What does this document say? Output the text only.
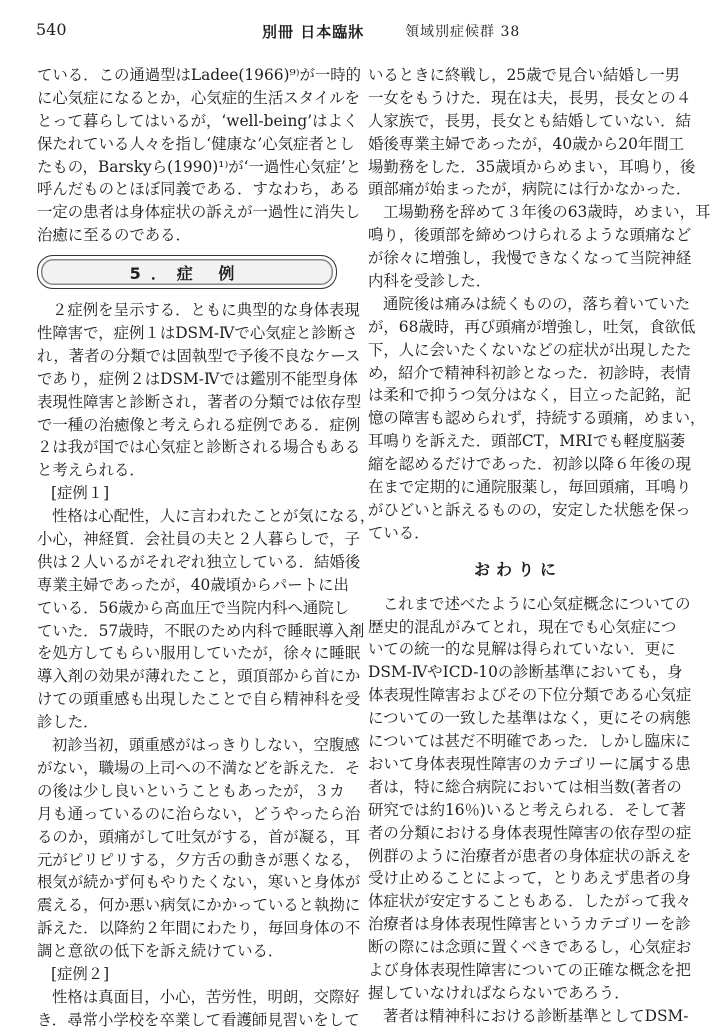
540	別冊 日本臨牀	領域別症候群 38
ている．この通過型はLadee(1966)⁹⁾が一時的
に心気症になるとか，心気症的生活スタイルを
とって暮らしてはいるが，‘well-being’はよく
保たれている人々を指し‘健康な’心気症者とし
たもの，Barskyら(1990)¹⁾が‘一過性心気症’と
呼んだものとほぼ同義である．すなわち，ある
一定の患者は身体症状の訴えが一過性に消失し
治癒に至るのである．
5．症 例
２症例を呈示する．ともに典型的な身体表現
性障害で，症例１はDSM-Ⅳで心気症と診断さ
れ，著者の分類では固執型で予後不良なケース
であり，症例２はDSM-Ⅳでは鑑別不能型身体
表現性障害と診断され，著者の分類では依存型
で一種の治癒像と考えられる症例である．症例
２は我が国では心気症と診断される場合もある
と考えられる．
[症例１]
性格は心配性，人に言われたことが気になる，
小心，神経質．会社員の夫と２人暮らしで，子
供は２人いるがそれぞれ独立している．結婚後
専業主婦であったが，40歳頃からパートに出
ている．56歳から高血圧で当院内科へ通院し
ていた．57歳時，不眠のため内科で睡眠導入剤
を処方してもらい服用していたが，徐々に睡眠
導入剤の効果が薄れたこと，頭頂部から首にか
けての頭重感も出現したことで自ら精神科を受
診した．
初診当初，頭重感がはっきりしない，空腹感
がない，職場の上司への不満などを訴えた．そ
の後は少し良いということもあったが，３カ
月も通っているのに治らない，どうやったら治
るのか，頭痛がして吐気がする，首が凝る，耳
元がピリピリする，夕方舌の動きが悪くなる，
根気が続かず何もやりたくない，寒いと身体が
震える，何か悪い病気にかかっていると執拗に
訴えた．以降約２年間にわたり，毎回身体の不
調と意欲の低下を訴え続けている．
[症例２]
性格は真面目，小心，苦労性，明朗，交際好
き．尋常小学校を卒業して看護師見習いをして
いるときに終戦し，25歳で見合い結婚し一男
一女をもうけた．現在は夫，長男，長女との４
人家族で，長男，長女とも結婚していない．結
婚後専業主婦であったが，40歳から20年間工
場勤務をした．35歳頃からめまい，耳鳴り，後
頭部痛が始まったが，病院には行かなかった．
工場勤務を辞めて３年後の63歳時，めまい，耳
鳴り，後頭部を締めつけられるような頭痛など
が徐々に増強し，我慢できなくなって当院神経
内科を受診した．
通院後は痛みは続くものの，落ち着いていた
が，68歳時，再び頭痛が増強し，吐気，食欲低
下，人に会いたくないなどの症状が出現したた
め，紹介で精神科初診となった．初診時，表情
は柔和で抑うつ気分はなく，目立った記銘，記
憶の障害も認められず，持続する頭痛，めまい，
耳鳴りを訴えた．頭部CT，MRIでも軽度脳萎
縮を認めるだけであった．初診以降６年後の現
在まで定期的に通院服薬し，毎回頭痛，耳鳴り
がひどいと訴えるものの，安定した状態を保っ
ている．
おわりに
これまで述べたように心気症概念についての
歴史的混乱がみてとれ，現在でも心気症につ
いての統一的な見解は得られていない．更に
DSM-ⅣやICD-10の診断基準においても，身
体表現性障害およびその下位分類である心気症
についての一致した基準はなく，更にその病態
については甚だ不明確であった．しかし臨床に
おいて身体表現性障害のカテゴリーに属する患
者は，特に総合病院においては相当数(著者の
研究では約16％)いると考えられる．そして著
者の分類における身体表現性障害の依存型の症
例群のように治療者が患者の身体症状の訴えを
受け止めることによって，とりあえず患者の身
体症状が安定することもある．したがって我々
治療者は身体表現性障害というカテゴリーを診
断の際には念頭に置くべきであるし，心気症お
よび身体表現性障害についての正確な概念を把
握していなければならないであろう．
著者は精神科における診断基準としてDSM-
